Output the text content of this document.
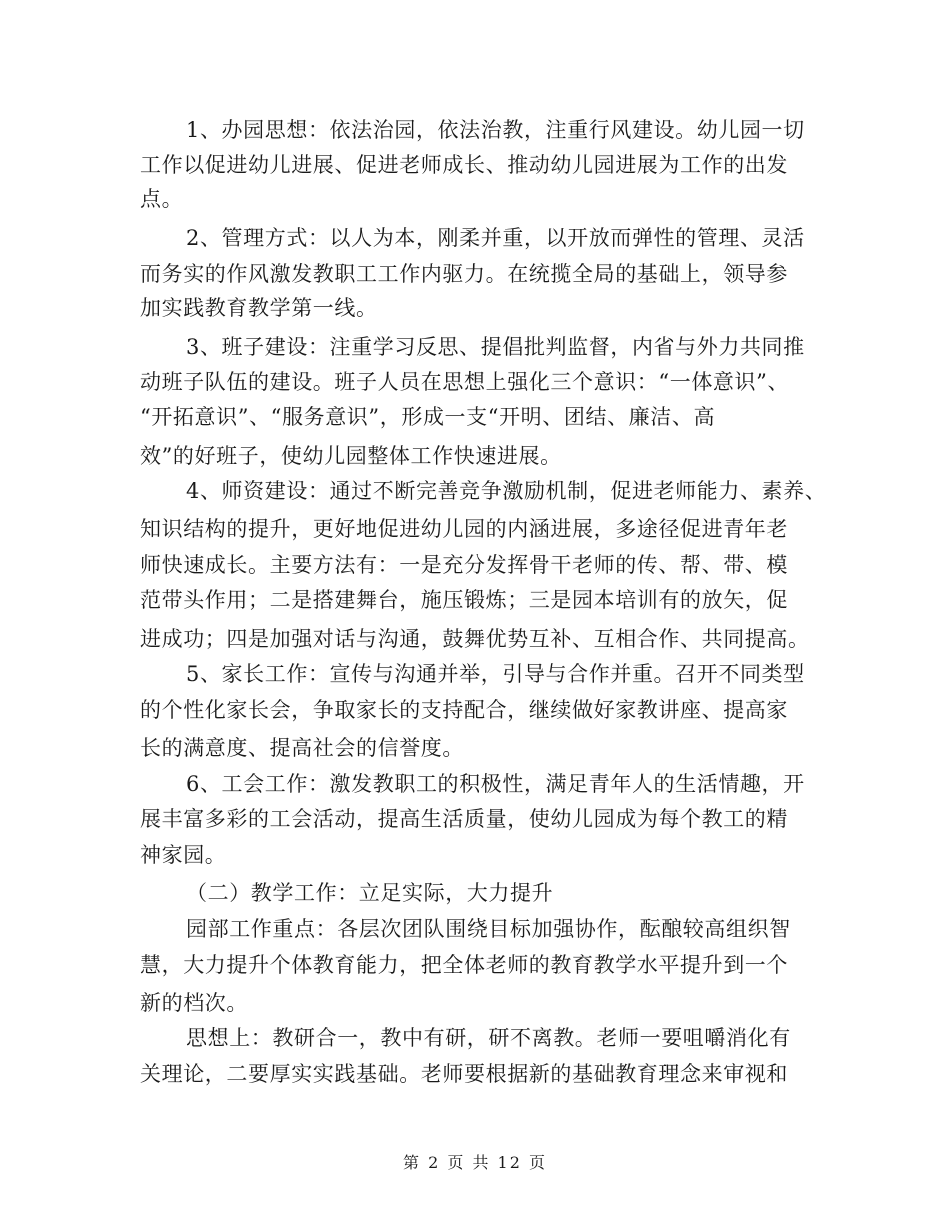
1、办园思想：依法治园，依法治教，注重行风建设。幼儿园一切
工作以促进幼儿进展、促进老师成长、推动幼儿园进展为工作的出发
点。
2、管理方式：以人为本，刚柔并重，以开放而弹性的管理、灵活
而务实的作风激发教职工工作内驱力。在统揽全局的基础上，领导参
加实践教育教学第一线。
3、班子建设：注重学习反思、提倡批判监督，内省与外力共同推
动班子队伍的建设。班子人员在思想上强化三个意识：“一体意识”、
“开拓意识”、“服务意识”，形成一支“开明、团结、廉洁、高
效”的好班子，使幼儿园整体工作快速进展。
4、师资建设：通过不断完善竞争激励机制，促进老师能力、素养、
知识结构的提升，更好地促进幼儿园的内涵进展，多途径促进青年老
师快速成长。主要方法有：一是充分发挥骨干老师的传、帮、带、模
范带头作用；二是搭建舞台，施压锻炼；三是园本培训有的放矢，促
进成功；四是加强对话与沟通，鼓舞优势互补、互相合作、共同提高。
5、家长工作：宣传与沟通并举，引导与合作并重。召开不同类型
的个性化家长会，争取家长的支持配合，继续做好家教讲座、提高家
长的满意度、提高社会的信誉度。
6、工会工作：激发教职工的积极性，满足青年人的生活情趣，开
展丰富多彩的工会活动，提高生活质量，使幼儿园成为每个教工的精
神家园。
（二）教学工作：立足实际，大力提升
园部工作重点：各层次团队围绕目标加强协作，酝酿较高组织智
慧，大力提升个体教育能力，把全体老师的教育教学水平提升到一个
新的档次。
思想上：教研合一，教中有研，研不离教。老师一要咀嚼消化有
关理论，二要厚实实践基础。老师要根据新的基础教育理念来审视和
第 2 页 共 12 页
